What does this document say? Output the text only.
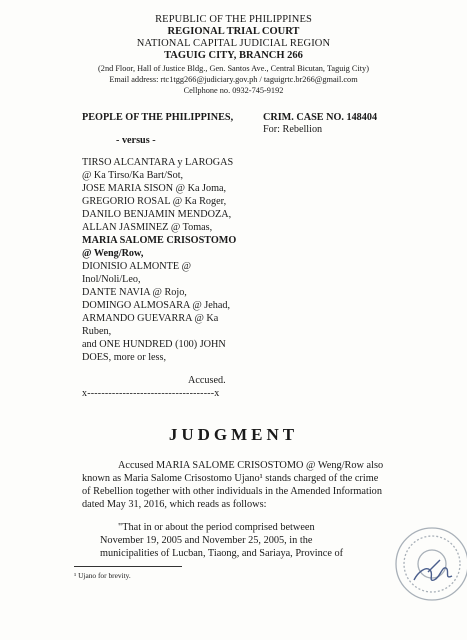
REPUBLIC OF THE PHILIPPINES
REGIONAL TRIAL COURT
NATIONAL CAPITAL JUDICIAL REGION
TAGUIG CITY, BRANCH 266
(2nd Floor, Hall of Justice Bldg., Gen. Santos Ave., Central Bicutan, Taguig City)
Email address: rtc1tgg266@judiciary.gov.ph / taguigrtc.br266@gmail.com
Cellphone no. 0932-745-9192
PEOPLE OF THE PHILIPPINES,	CRIM. CASE NO. 148404
For: Rebellion
- versus -
TIRSO ALCANTARA y LAROGAS
@ Ka Tirso/Ka Bart/Sot,
JOSE MARIA SISON @ Ka Joma,
GREGORIO ROSAL @ Ka Roger,
DANILO BENJAMIN MENDOZA,
ALLAN JASMINEZ @ Tomas,
MARIA SALOME CRISOSTOMO
@ Weng/Row,
DIONISIO ALMONTE @
Inol/Noli/Leo,
DANTE NAVIA @ Rojo,
DOMINGO ALMOSARA @ Jehad,
ARMANDO GUEVARRA @ Ka
Ruben,
and ONE HUNDRED (100) JOHN
DOES, more or less,
Accused.
x------------------------------------x
JUDGMENT
Accused MARIA SALOME CRISOSTOMO @ Weng/Row also
known as Maria Salome Crisostomo Ujano¹ stands charged of the crime
of Rebellion together with other individuals in the Amended Information
dated May 31, 2016, which reads as follows:
"That in or about the period comprised between
November 19, 2005 and November 25, 2005, in the
municipalities of Lucban, Tiaong, and Sariaya, Province of
¹ Ujano for brevity.
